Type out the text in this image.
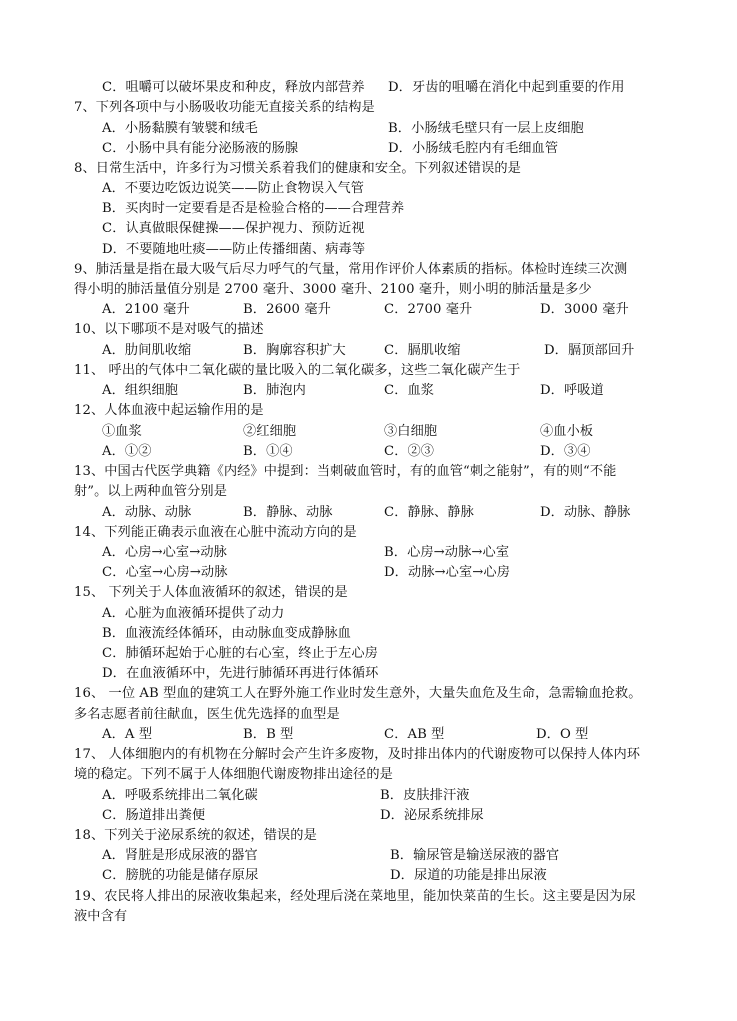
C．咀嚼可以破坏果皮和种皮，释放内部营养 D．牙齿的咀嚼在消化中起到重要的作用
7、下列各项中与小肠吸收功能无直接关系的结构是
A．小肠黏膜有皱襞和绒毛	B．小肠绒毛壁只有一层上皮细胞
C．小肠中具有能分泌肠液的肠腺	D．小肠绒毛腔内有毛细血管
8、日常生活中，许多行为习惯关系着我们的健康和安全。下列叙述错误的是
A．不要边吃饭边说笑——防止食物误入气管
B．买肉时一定要看是否是检验合格的——合理营养
C．认真做眼保健操——保护视力、预防近视
D．不要随地吐痰——防止传播细菌、病毒等
9、肺活量是指在最大吸气后尽力呼气的气量，常用作评价人体素质的指标。体检时连续三次测
得小明的肺活量值分别是 2700 毫升、3000 毫升、2100 毫升，则小明的肺活量是多少
A．2100 毫升	B．2600 毫升	C．2700 毫升	D．3000 毫升
10、以下哪项不是对吸气的描述
A．肋间肌收缩	B．胸廓容积扩大	C．膈肌收缩	D．膈顶部回升
11、 呼出的气体中二氧化碳的量比吸入的二氧化碳多，这些二氧化碳产生于
A．组织细胞	B．肺泡内	C．血浆	D．呼吸道
12、人体血液中起运输作用的是
①血浆	②红细胞	③白细胞	④血小板
A．①②	B．①④	C．②③	D．③④
13、中国古代医学典籍《内经》中提到：当刺破血管时，有的血管“刺之能射”，有的则“不能
射”。以上两种血管分别是
A．动脉、动脉	B．静脉、动脉	C．静脉、静脉	D．动脉、静脉
14、下列能正确表示血液在心脏中流动方向的是
A．心房→心室→动脉	B．心房→动脉→心室
C．心室→心房→动脉	D．动脉→心室→心房
15、 下列关于人体血液循环的叙述，错误的是
A．心脏为血液循环提供了动力
B．血液流经体循环，由动脉血变成静脉血
C．肺循环起始于心脏的右心室，终止于左心房
D．在血液循环中，先进行肺循环再进行体循环
16、 一位 AB 型血的建筑工人在野外施工作业时发生意外，大量失血危及生命，急需输血抢救。
多名志愿者前往献血，医生优先选择的血型是
A．A 型	B．B 型	C．AB 型	D．O 型
17、 人体细胞内的有机物在分解时会产生许多废物，及时排出体内的代谢废物可以保持人体内环
境的稳定。下列不属于人体细胞代谢废物排出途径的是
A．呼吸系统排出二氧化碳	B．皮肤排汗液
C．肠道排出粪便	D．泌尿系统排尿
18、下列关于泌尿系统的叙述，错误的是
A．肾脏是形成尿液的器官	B．输尿管是输送尿液的器官
C．膀胱的功能是储存原尿	D．尿道的功能是排出尿液
19、农民将人排出的尿液收集起来，经处理后浇在菜地里，能加快菜苗的生长。这主要是因为尿
液中含有
